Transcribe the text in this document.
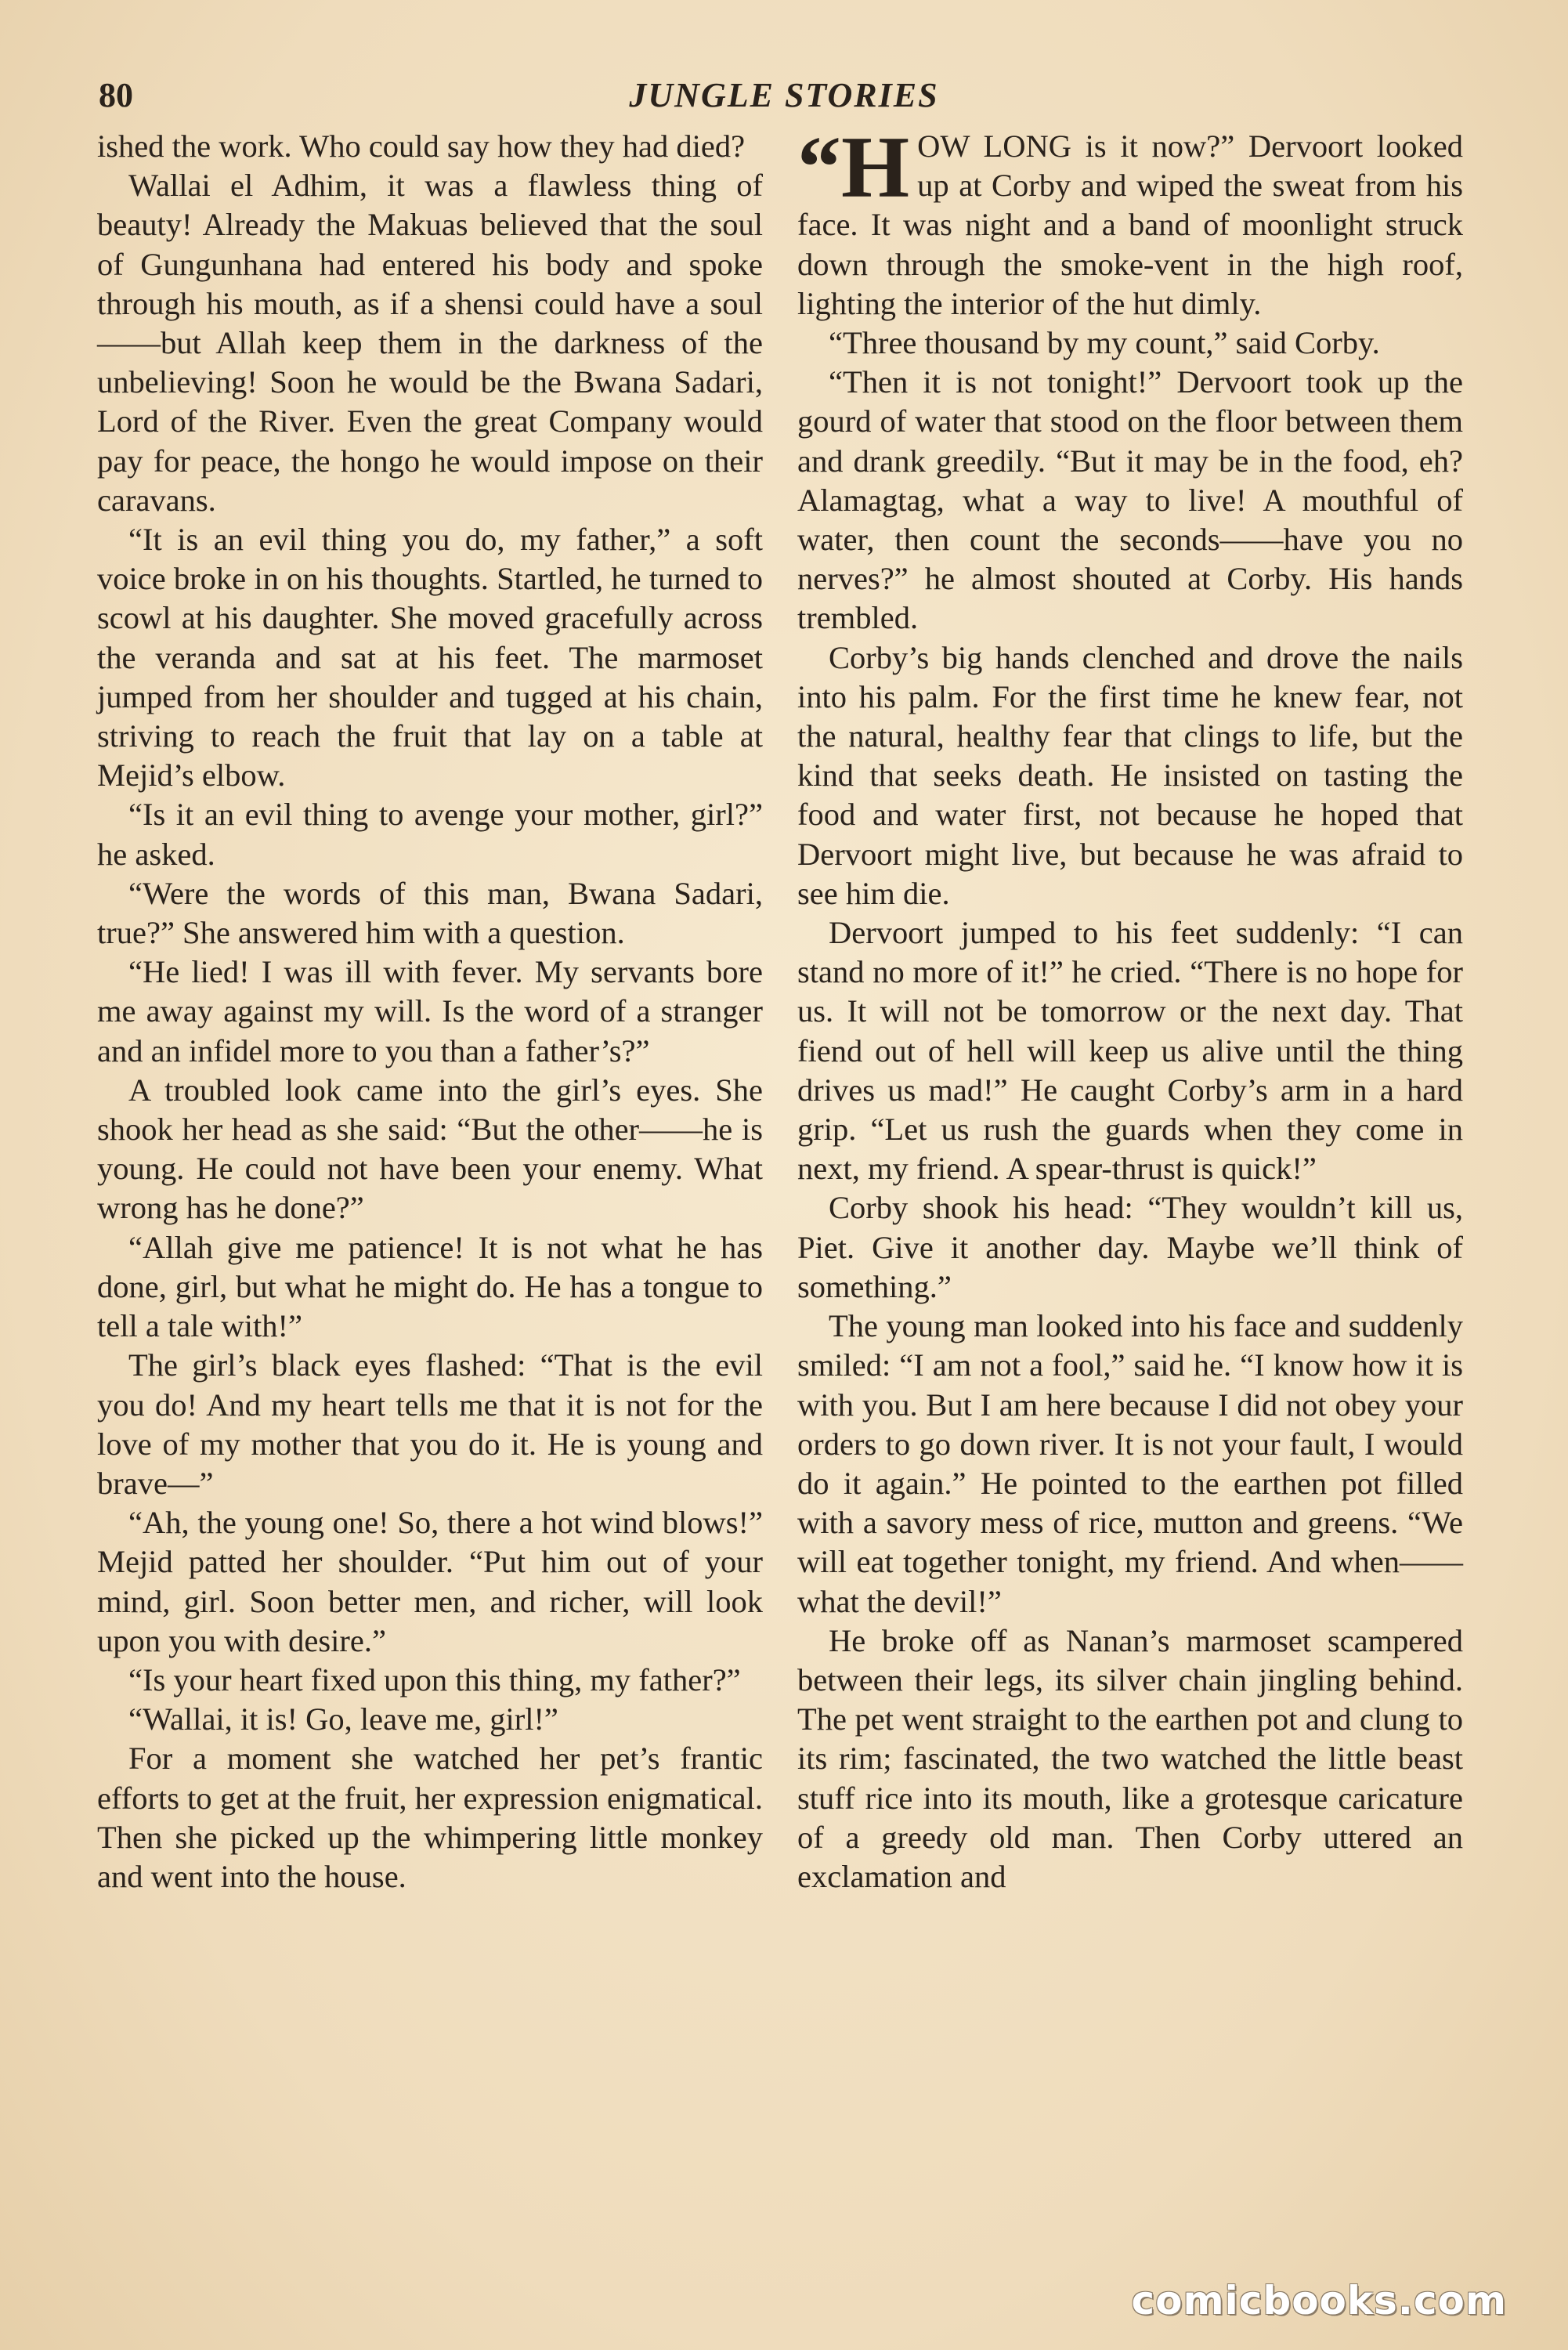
80	JUNGLE STORIES

ished the work. Who could say how they had died?

Wallai el Adhim, it was a flawless thing of beauty! Already the Makuas believed that the soul of Gungunhana had entered his body and spoke through his mouth, as if a shensi could have a soul——but Allah keep them in the darkness of the unbelieving! Soon he would be the Bwana Sadari, Lord of the River. Even the great Company would pay for peace, the hongo he would impose on their caravans.

“It is an evil thing you do, my father,” a soft voice broke in on his thoughts. Startled, he turned to scowl at his daughter. She moved gracefully across the veranda and sat at his feet. The marmoset jumped from her shoulder and tugged at his chain, striving to reach the fruit that lay on a table at Mejid’s elbow.

“Is it an evil thing to avenge your mother, girl?” he asked.

“Were the words of this man, Bwana Sadari, true?” She answered him with a question.

“He lied! I was ill with fever. My servants bore me away against my will. Is the word of a stranger and an infidel more to you than a father’s?”

A troubled look came into the girl’s eyes. She shook her head as she said: “But the other——he is young. He could not have been your enemy. What wrong has he done?”

“Allah give me patience! It is not what he has done, girl, but what he might do. He has a tongue to tell a tale with!”

The girl’s black eyes flashed: “That is the evil you do! And my heart tells me that it is not for the love of my mother that you do it. He is young and brave—”

“Ah, the young one! So, there a hot wind blows!” Mejid patted her shoulder. “Put him out of your mind, girl. Soon better men, and richer, will look upon you with desire.”

“Is your heart fixed upon this thing, my father?”

“Wallai, it is! Go, leave me, girl!”

For a moment she watched her pet’s frantic efforts to get at the fruit, her expression enigmatical. Then she picked up the whimpering little monkey and went into the house.

“H OW LONG is it now?” Dervoort looked up at Corby and wiped the sweat from his face. It was night and a band of moonlight struck down through the smoke-vent in the high roof, lighting the interior of the hut dimly.

“Three thousand by my count,” said Corby.

“Then it is not tonight!” Dervoort took up the gourd of water that stood on the floor between them and drank greedily. “But it may be in the food, eh? Alamagtag, what a way to live! A mouthful of water, then count the seconds——have you no nerves?” he almost shouted at Corby. His hands trembled.

Corby’s big hands clenched and drove the nails into his palm. For the first time he knew fear, not the natural, healthy fear that clings to life, but the kind that seeks death. He insisted on tasting the food and water first, not because he hoped that Dervoort might live, but because he was afraid to see him die.

Dervoort jumped to his feet suddenly: “I can stand no more of it!” he cried. “There is no hope for us. It will not be tomorrow or the next day. That fiend out of hell will keep us alive until the thing drives us mad!” He caught Corby’s arm in a hard grip. “Let us rush the guards when they come in next, my friend. A spear-thrust is quick!”

Corby shook his head: “They wouldn’t kill us, Piet. Give it another day. Maybe we’ll think of something.”

The young man looked into his face and suddenly smiled: “I am not a fool,” said he. “I know how it is with you. But I am here because I did not obey your orders to go down river. It is not your fault, I would do it again.” He pointed to the earthen pot filled with a savory mess of rice, mutton and greens. “We will eat together tonight, my friend. And when——what the devil!”

He broke off as Nanan’s marmoset scampered between their legs, its silver chain jingling behind. The pet went straight to the earthen pot and clung to its rim; fascinated, the two watched the little beast stuff rice into its mouth, like a grotesque caricature of a greedy old man. Then Corby uttered an exclamation and

comicbooks.com
